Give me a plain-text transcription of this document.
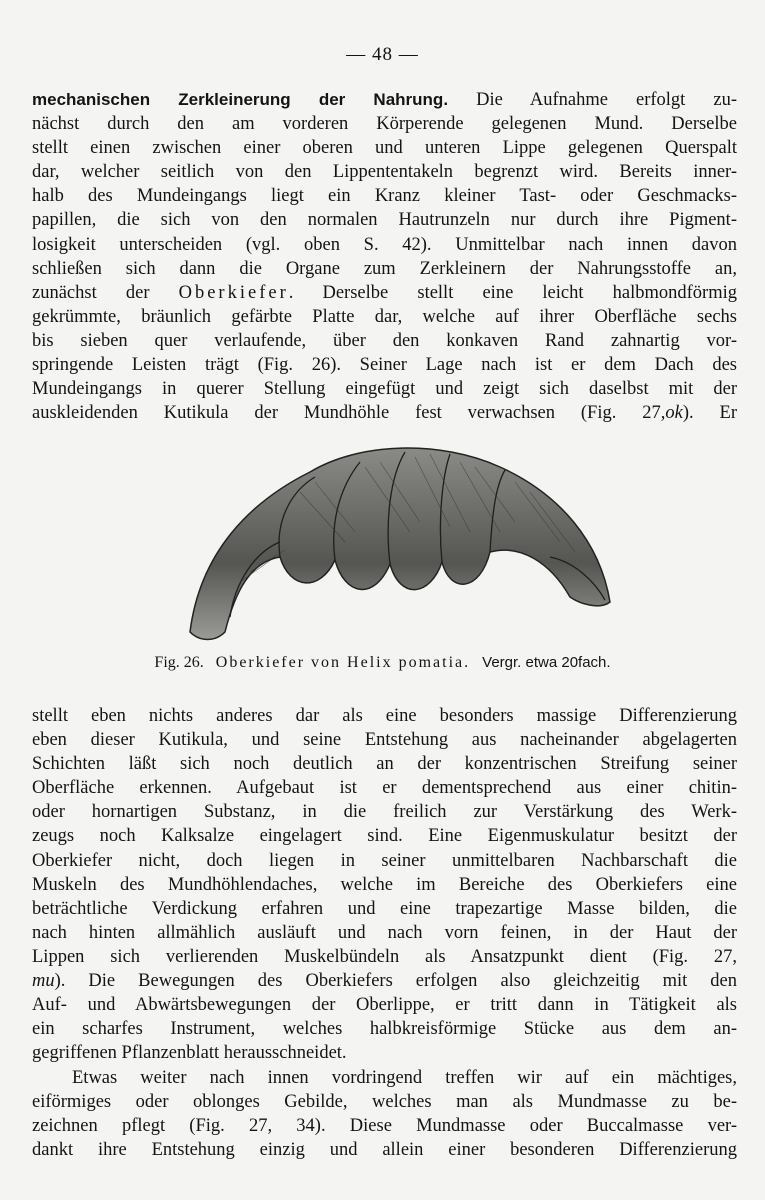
— 48 —
mechanischen Zerkleinerung der Nahrung. Die Aufnahme erfolgt zu-
nächst durch den am vorderen Körperende gelegenen Mund. Derselbe
stellt einen zwischen einer oberen und unteren Lippe gelegenen Querspalt
dar, welcher seitlich von den Lippententakeln begrenzt wird. Bereits inner-
halb des Mundeingangs liegt ein Kranz kleiner Tast- oder Geschmacks-
papillen, die sich von den normalen Hautrunzeln nur durch ihre Pigment-
losigkeit unterscheiden (vgl. oben S. 42). Unmittelbar nach innen davon
schließen sich dann die Organe zum Zerkleinern der Nahrungsstoffe an,
zunächst der Oberkiefer. Derselbe stellt eine leicht halbmondförmig
gekrümmte, bräunlich gefärbte Platte dar, welche auf ihrer Oberfläche sechs
bis sieben quer verlaufende, über den konkaven Rand zahnartig vor-
springende Leisten trägt (Fig. 26). Seiner Lage nach ist er dem Dach des
Mundeingangs in querer Stellung eingefügt und zeigt sich daselbst mit der
auskleidenden Kutikula der Mundhöhle fest verwachsen (Fig. 27,ok). Er
Fig. 26. Oberkiefer von Helix pomatia. Vergr. etwa 20fach.
stellt eben nichts anderes dar als eine besonders massige Differenzierung
eben dieser Kutikula, und seine Entstehung aus nacheinander abgelagerten
Schichten läßt sich noch deutlich an der konzentrischen Streifung seiner
Oberfläche erkennen. Aufgebaut ist er dementsprechend aus einer chitin-
oder hornartigen Substanz, in die freilich zur Verstärkung des Werk-
zeugs noch Kalksalze eingelagert sind. Eine Eigenmuskulatur besitzt der
Oberkiefer nicht, doch liegen in seiner unmittelbaren Nachbarschaft die
Muskeln des Mundhöhlendaches, welche im Bereiche des Oberkiefers eine
beträchtliche Verdickung erfahren und eine trapezartige Masse bilden, die
nach hinten allmählich ausläuft und nach vorn feinen, in der Haut der
Lippen sich verlierenden Muskelbündeln als Ansatzpunkt dient (Fig. 27,
mu). Die Bewegungen des Oberkiefers erfolgen also gleichzeitig mit den
Auf- und Abwärtsbewegungen der Oberlippe, er tritt dann in Tätigkeit als
ein scharfes Instrument, welches halbkreisförmige Stücke aus dem an-
gegriffenen Pflanzenblatt herausschneidet.
Etwas weiter nach innen vordringend treffen wir auf ein mächtiges,
eiförmiges oder oblonges Gebilde, welches man als Mundmasse zu be-
zeichnen pflegt (Fig. 27, 34). Diese Mundmasse oder Buccalmasse ver-
dankt ihre Entstehung einzig und allein einer besonderen Differenzierung
